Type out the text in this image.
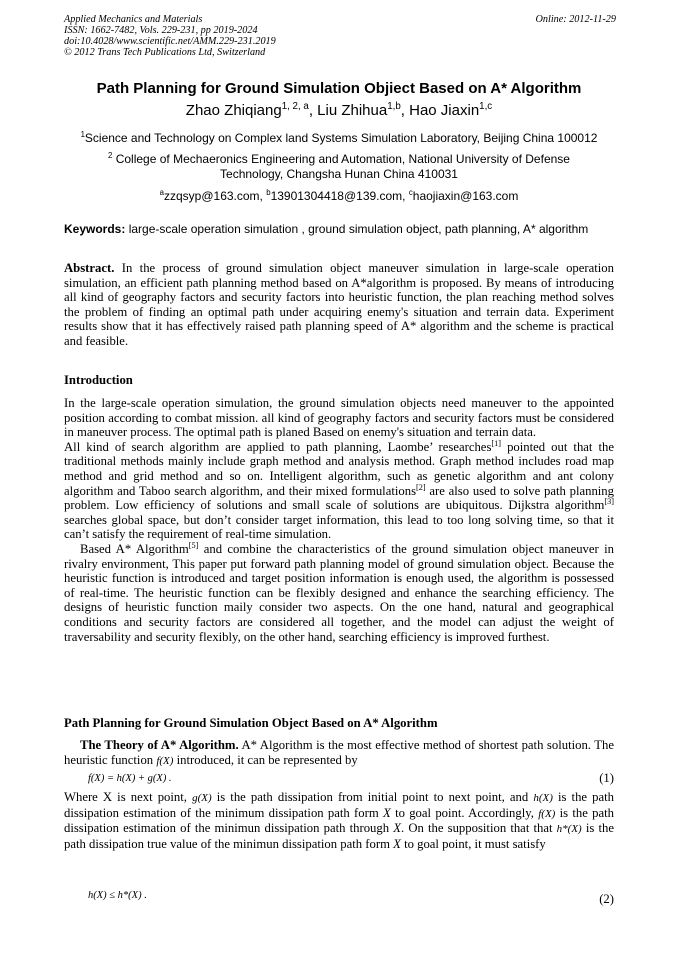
Applied Mechanics and Materials
ISSN: 1662-7482, Vols. 229-231, pp 2019-2024
doi:10.4028/www.scientific.net/AMM.229-231.2019
© 2012 Trans Tech Publications Ltd, Switzerland
Online: 2012-11-29
Path Planning for Ground Simulation Objiect Based on A* Algorithm
Zhao Zhiqiang$^{1, 2, a}$, Liu Zhihua$^{1,b}$, Hao Jiaxin$^{1,c}$
$^1$Science and Technology on Complex land Systems Simulation Laboratory, Beijing China 100012
$^2$ College of Mechaeronics Engineering and Automation, National University of Defense
Technology, Changsha Hunan China 410031
$^a$zzqsyp@163.com, $^b$13901304418@139.com, $^c$haojiaxin@163.com
Keywords: large-scale operation simulation , ground simulation object, path planning, A* algorithm
Abstract. In the process of ground simulation object maneuver simulation in large-scale operation simulation, an efficient path planning method based on A*algorithm is proposed. By means of introducing all kind of geography factors and security factors into heuristic function, the plan reaching method solves the problem of finding an optimal path under acquiring enemy's situation and terrain data. Experiment results show that it has effectively raised path planning speed of A* algorithm and the scheme is practical and feasible.
Introduction
In the large-scale operation simulation, the ground simulation objects need maneuver to the appointed position according to combat mission. all kind of geography factors and security factors must be considered in maneuver process. The optimal path is planed Based on enemy's situation and terrain data.
All kind of search algorithm are applied to path planning, Laombe’ researches[1] pointed out that the traditional methods mainly include graph method and analysis method. Graph method includes road map method and grid method and so on. Intelligent algorithm, such as genetic algorithm and ant colony algorithm and Taboo search algorithm, and their mixed formulations[2] are also used to solve path planning problem. Low efficiency of solutions and small scale of solutions are ubiquitous. Dijkstra algorithm[3] searches global space, but don’t consider target information, this lead to too long solving time, so that it can’t satisfy the requirement of real-time simulation.
Based A* Algorithm[5] and combine the characteristics of the ground simulation object maneuver in rivalry environment, This paper put forward path planning model of ground simulation object. Because the heuristic function is introduced and target position information is enough used, the algorithm is possessed of real-time. The heuristic function can be flexibly designed and enhance the searching efficiency. The designs of heuristic function maily consider two aspects. On the one hand, natural and geographical conditions and security factors are considered all together, and the model can adjust the weight of traversability and security flexibly, on the other hand, searching efficiency is improved furthest.
Path Planning for Ground Simulation Object Based on A* Algorithm
The Theory of A* Algorithm. A* Algorithm is the most effective method of shortest path solution. The heuristic function f(X) introduced, it can be represented by
f(X) = h(X) + g(X) .	(1)
Where X is next point, g(X) is the path dissipation from initial point to next point, and h(X) is the path dissipation estimation of the minimum dissipation path form X to goal point. Accordingly, f(X) is the path dissipation estimation of the minimun dissipation path through X. On the supposition that that h*(X) is the path dissipation true value of the minimun dissipation path form X to goal point, it must satisfy
h(X) ≤ h*(X) .	(2)
